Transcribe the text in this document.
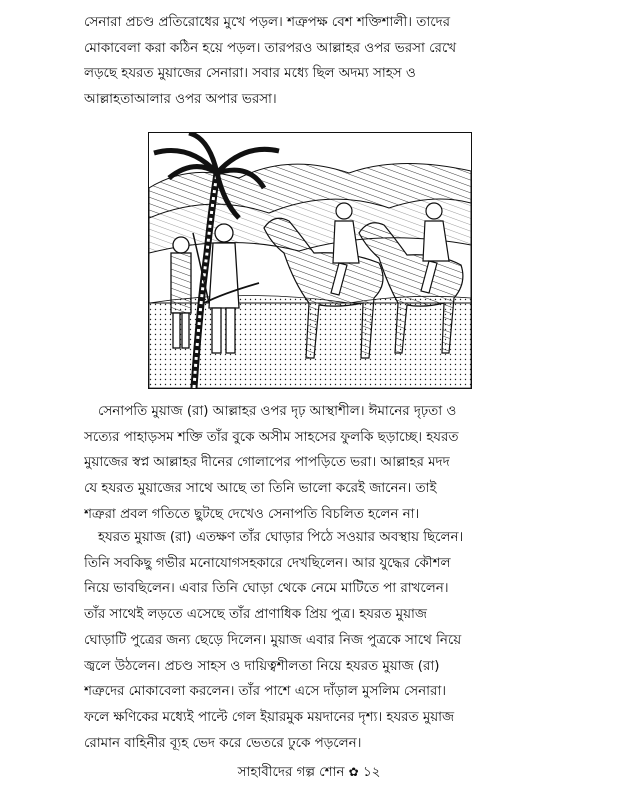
সেনারা প্রচণ্ড প্রতিরোধের মুখে পড়ল। শত্রুপক্ষ বেশ শক্তিশালী। তাদের
মোকাবেলা করা কঠিন হয়ে পড়ল। তারপরও আল্লাহর ওপর ভরসা রেখে
লড়ছে হযরত মুয়াজের সেনারা। সবার মধ্যে ছিল অদম্য সাহস ও
আল্লাহতাআলার ওপর অপার ভরসা।

সেনাপতি মুয়াজ (রা) আল্লাহর ওপর দৃঢ় আস্থাশীল। ঈমানের দৃঢ়তা ও
সত্যের পাহাড়সম শক্তি তাঁর বুকে অসীম সাহসের ফুলকি ছড়াচ্ছে। হযরত
মুয়াজের স্বপ্ন আল্লাহর দীনের গোলাপের পাপড়িতে ভরা। আল্লাহর মদদ
যে হযরত মুয়াজের সাথে আছে তা তিনি ভালো করেই জানেন। তাই
শত্রুরা প্রবল গতিতে ছুটছে দেখেও সেনাপতি বিচলিত হলেন না।

হযরত মুয়াজ (রা) এতক্ষণ তাঁর ঘোড়ার পিঠে সওয়ার অবস্থায় ছিলেন।
তিনি সবকিছু গভীর মনোযোগসহকারে দেখছিলেন। আর যুদ্ধের কৌশল
নিয়ে ভাবছিলেন। এবার তিনি ঘোড়া থেকে নেমে মাটিতে পা রাখলেন।
তাঁর সাথেই লড়তে এসেছে তাঁর প্রাণাধিক প্রিয় পুত্র। হযরত মুয়াজ
ঘোড়াটি পুত্রের জন্য ছেড়ে দিলেন। মুয়াজ এবার নিজ পুত্রকে সাথে নিয়ে
জ্বলে উঠলেন। প্রচণ্ড সাহস ও দায়িত্বশীলতা নিয়ে হযরত মুয়াজ (রা)
শত্রুদের মোকাবেলা করলেন। তাঁর পাশে এসে দাঁড়াল মুসলিম সেনারা।
ফলে ক্ষণিকের মধ্যেই পাল্টে গেল ইয়ারমুক ময়দানের দৃশ্য। হযরত মুয়াজ
রোমান বাহিনীর ব্যূহ ভেদ করে ভেতরে ঢুকে পড়লেন।

সাহাবীদের গল্প শোন ✿ ১২
